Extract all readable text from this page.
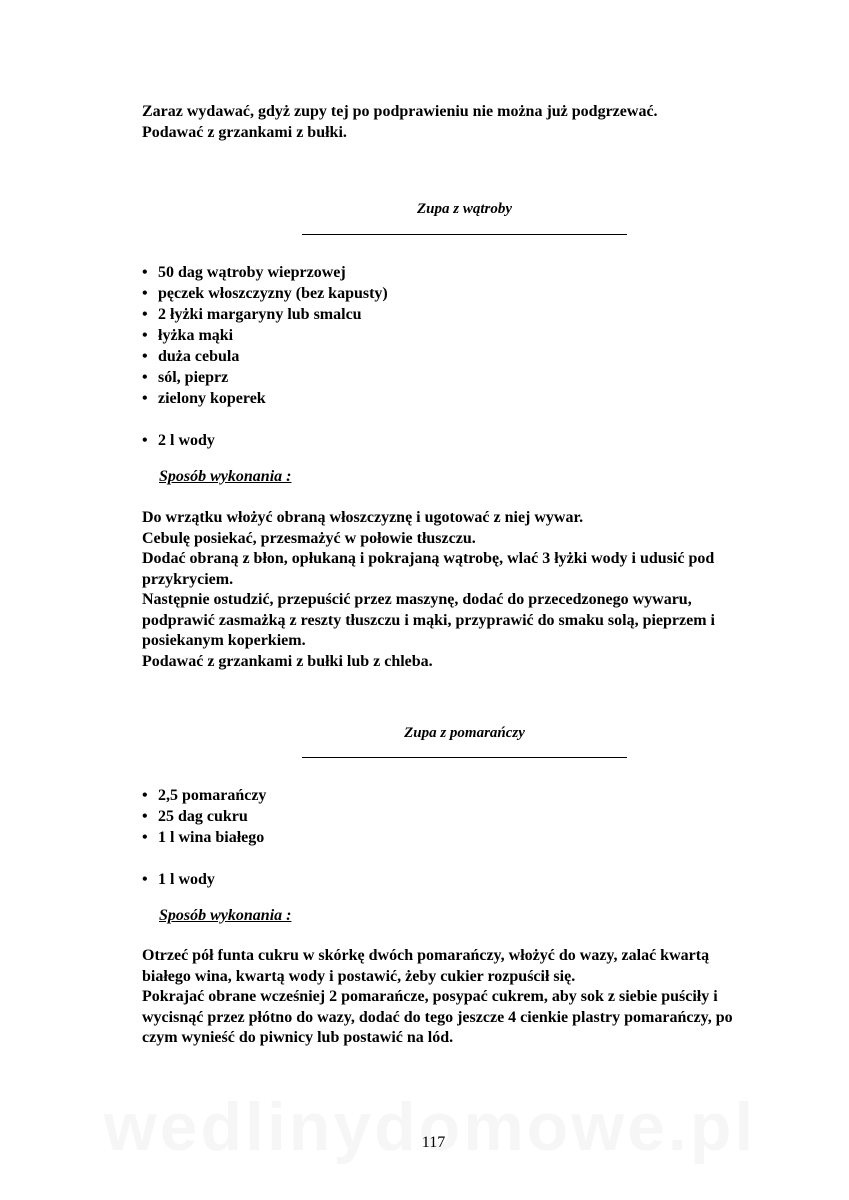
Zaraz wydawać, gdyż zupy tej po podprawieniu nie można już podgrzewać.

Podawać z grzankami z bułki.

Zupa z wątroby
• 50 dag wątroby wieprzowej
• pęczek włoszczyzny (bez kapusty)
• 2 łyżki margaryny lub smalcu
• łyżka mąki
• duża cebula
• sól, pieprz
• zielony koperek
• 2 l wody
Sposób wykonania :

Do wrzątku włożyć obraną włoszczyznę i ugotować z niej wywar.

Cebulę posiekać, przesmażyć w połowie tłuszczu.

Dodać obraną z błon, opłukaną i pokrajaną wątrobę, wlać 3 łyżki wody i udusić pod

przykryciem.

Następnie ostudzić, przepuścić przez maszynę, dodać do przecedzonego wywaru,

podprawić zasmażką z reszty tłuszczu i mąki, przyprawić do smaku solą, pieprzem i

posiekanym koperkiem.

Podawać z grzankami z bułki lub z chleba.

Zupa z pomarańczy
• 2,5 pomarańczy
• 25 dag cukru
• 1 l wina białego
• 1 l wody
Sposób wykonania :

Otrzeć pół funta cukru w skórkę dwóch pomarańczy, włożyć do wazy, zalać kwartą

białego wina, kwartą wody i postawić, żeby cukier rozpuścił się.

Pokrajać obrane wcześniej 2 pomarańcze, posypać cukrem, aby sok z siebie puściły i

wycisnąć przez płótno do wazy, dodać do tego jeszcze 4 cienkie plastry pomarańczy, po

czym wynieść do piwnicy lub postawić na lód.

117
